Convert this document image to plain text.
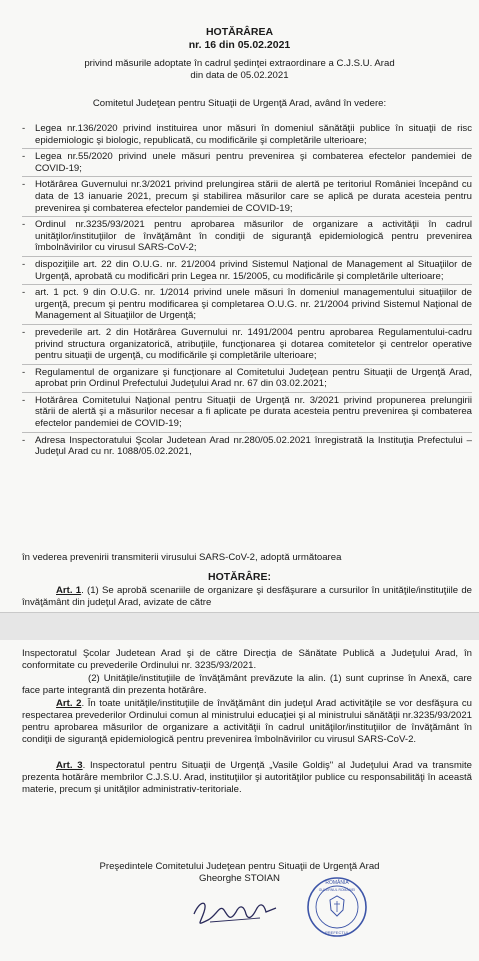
HOTĂRÂREA
nr. 16 din 05.02.2021
privind măsurile adoptate în cadrul şedinţei extraordinare a C.J.S.U. Arad
din data de 05.02.2021
Comitetul Judeţean pentru Situaţii de Urgenţă Arad, având în vedere:
- Legea nr.136/2020 privind instituirea unor măsuri în domeniul sănătăţii publice în situaţii de risc epidemiologic şi biologic, republicată, cu modificările şi completările ulterioare;
- Legea nr.55/2020 privind unele măsuri pentru prevenirea şi combaterea efectelor pandemiei de COVID-19;
- Hotărârea Guvernului nr.3/2021 privind prelungirea stării de alertă pe teritoriul României începând cu data de 13 ianuarie 2021, precum şi stabilirea măsurilor care se aplică pe durata acesteia pentru prevenirea şi combaterea efectelor pandemiei de COVID-19;
- Ordinul nr.3235/93/2021 pentru aprobarea măsurilor de organizare a activităţii în cadrul unităţilor/instituţiilor de învăţământ în condiţii de siguranţă epidemiologică pentru prevenirea îmbolnăvirilor cu virusul SARS-CoV-2;
- dispoziţiile art. 22 din O.U.G. nr. 21/2004 privind Sistemul Naţional de Management al Situaţiilor de Urgenţă, aprobată cu modificări prin Legea nr. 15/2005, cu modificările şi completările ulterioare;
- art. 1 pct. 9 din O.U.G. nr. 1/2014 privind unele măsuri în domeniul managementului situaţiilor de urgenţă, precum şi pentru modificarea şi completarea O.U.G. nr. 21/2004 privind Sistemul Naţional de Management al Situaţiilor de Urgenţă;
- prevederile art. 2 din Hotărârea Guvernului nr. 1491/2004 pentru aprobarea Regulamentului-cadru privind structura organizatorică, atribuţiile, funcţionarea şi dotarea comitetelor şi centrelor operative pentru situaţii de urgenţă, cu modificările şi completările ulterioare;
- Regulamentul de organizare şi funcţionare al Comitetului Judeţean pentru Situaţii de Urgenţă Arad, aprobat prin Ordinul Prefectului Judeţului Arad nr. 67 din 03.02.2021;
- Hotărârea Comitetului Naţional pentru Situaţii de Urgenţă nr. 3/2021 privind propunerea prelungirii stării de alertă şi a măsurilor necesar a fi aplicate pe durata acesteia pentru prevenirea şi combaterea efectelor pandemiei de COVID-19;
- Adresa Inspectoratului Şcolar Judetean Arad nr.280/05.02.2021 înregistrată la Instituţia Prefectului – Judeţul Arad cu nr. 1088/05.02.2021,
în vederea prevenirii transmiterii virusului SARS-CoV-2, adoptă următoarea
HOTĂRÂRE:
Art. 1. (1) Se aprobă scenariile de organizare şi desfăşurare a cursurilor în unităţile/instituţiile de învăţământ din judeţul Arad, avizate de către
Inspectoratul Şcolar Judetean Arad şi de către Direcţia de Sănătate Publică a Judeţului Arad, în conformitate cu prevederile Ordinului nr. 3235/93/2021.
(2) Unităţile/instituţiile de învăţământ prevăzute la alin. (1) sunt cuprinse în Anexă, care face parte integrantă din prezenta hotărâre.
Art. 2. În toate unităţile/instituţiile de învăţământ din judeţul Arad activităţile se vor desfăşura cu respectarea prevederilor Ordinului comun al ministrului educaţiei şi al ministrului sănătăţii nr.3235/93/2021 pentru aprobarea măsurilor de organizare a activităţii în cadrul unităţilor/instituţiilor de învăţământ în condiţii de siguranţă epidemiologică pentru prevenirea îmbolnăvirilor cu virusul SARS-CoV-2.
Art. 3. Inspectoratul pentru Situaţii de Urgenţă „Vasile Goldiş" al Judeţului Arad va transmite prezenta hotărâre membrilor C.J.S.U. Arad, instituţiilor şi autorităţilor publice cu responsabilităţi în această materie, precum şi unităţilor administrativ-teritoriale.
Preşedintele Comitetului Judeţean pentru Situaţii de Urgenţă Arad
Gheorghe STOIAN	ROMÂNIA
GUVERNUL ROMÂNIEI
PREFECTUL
